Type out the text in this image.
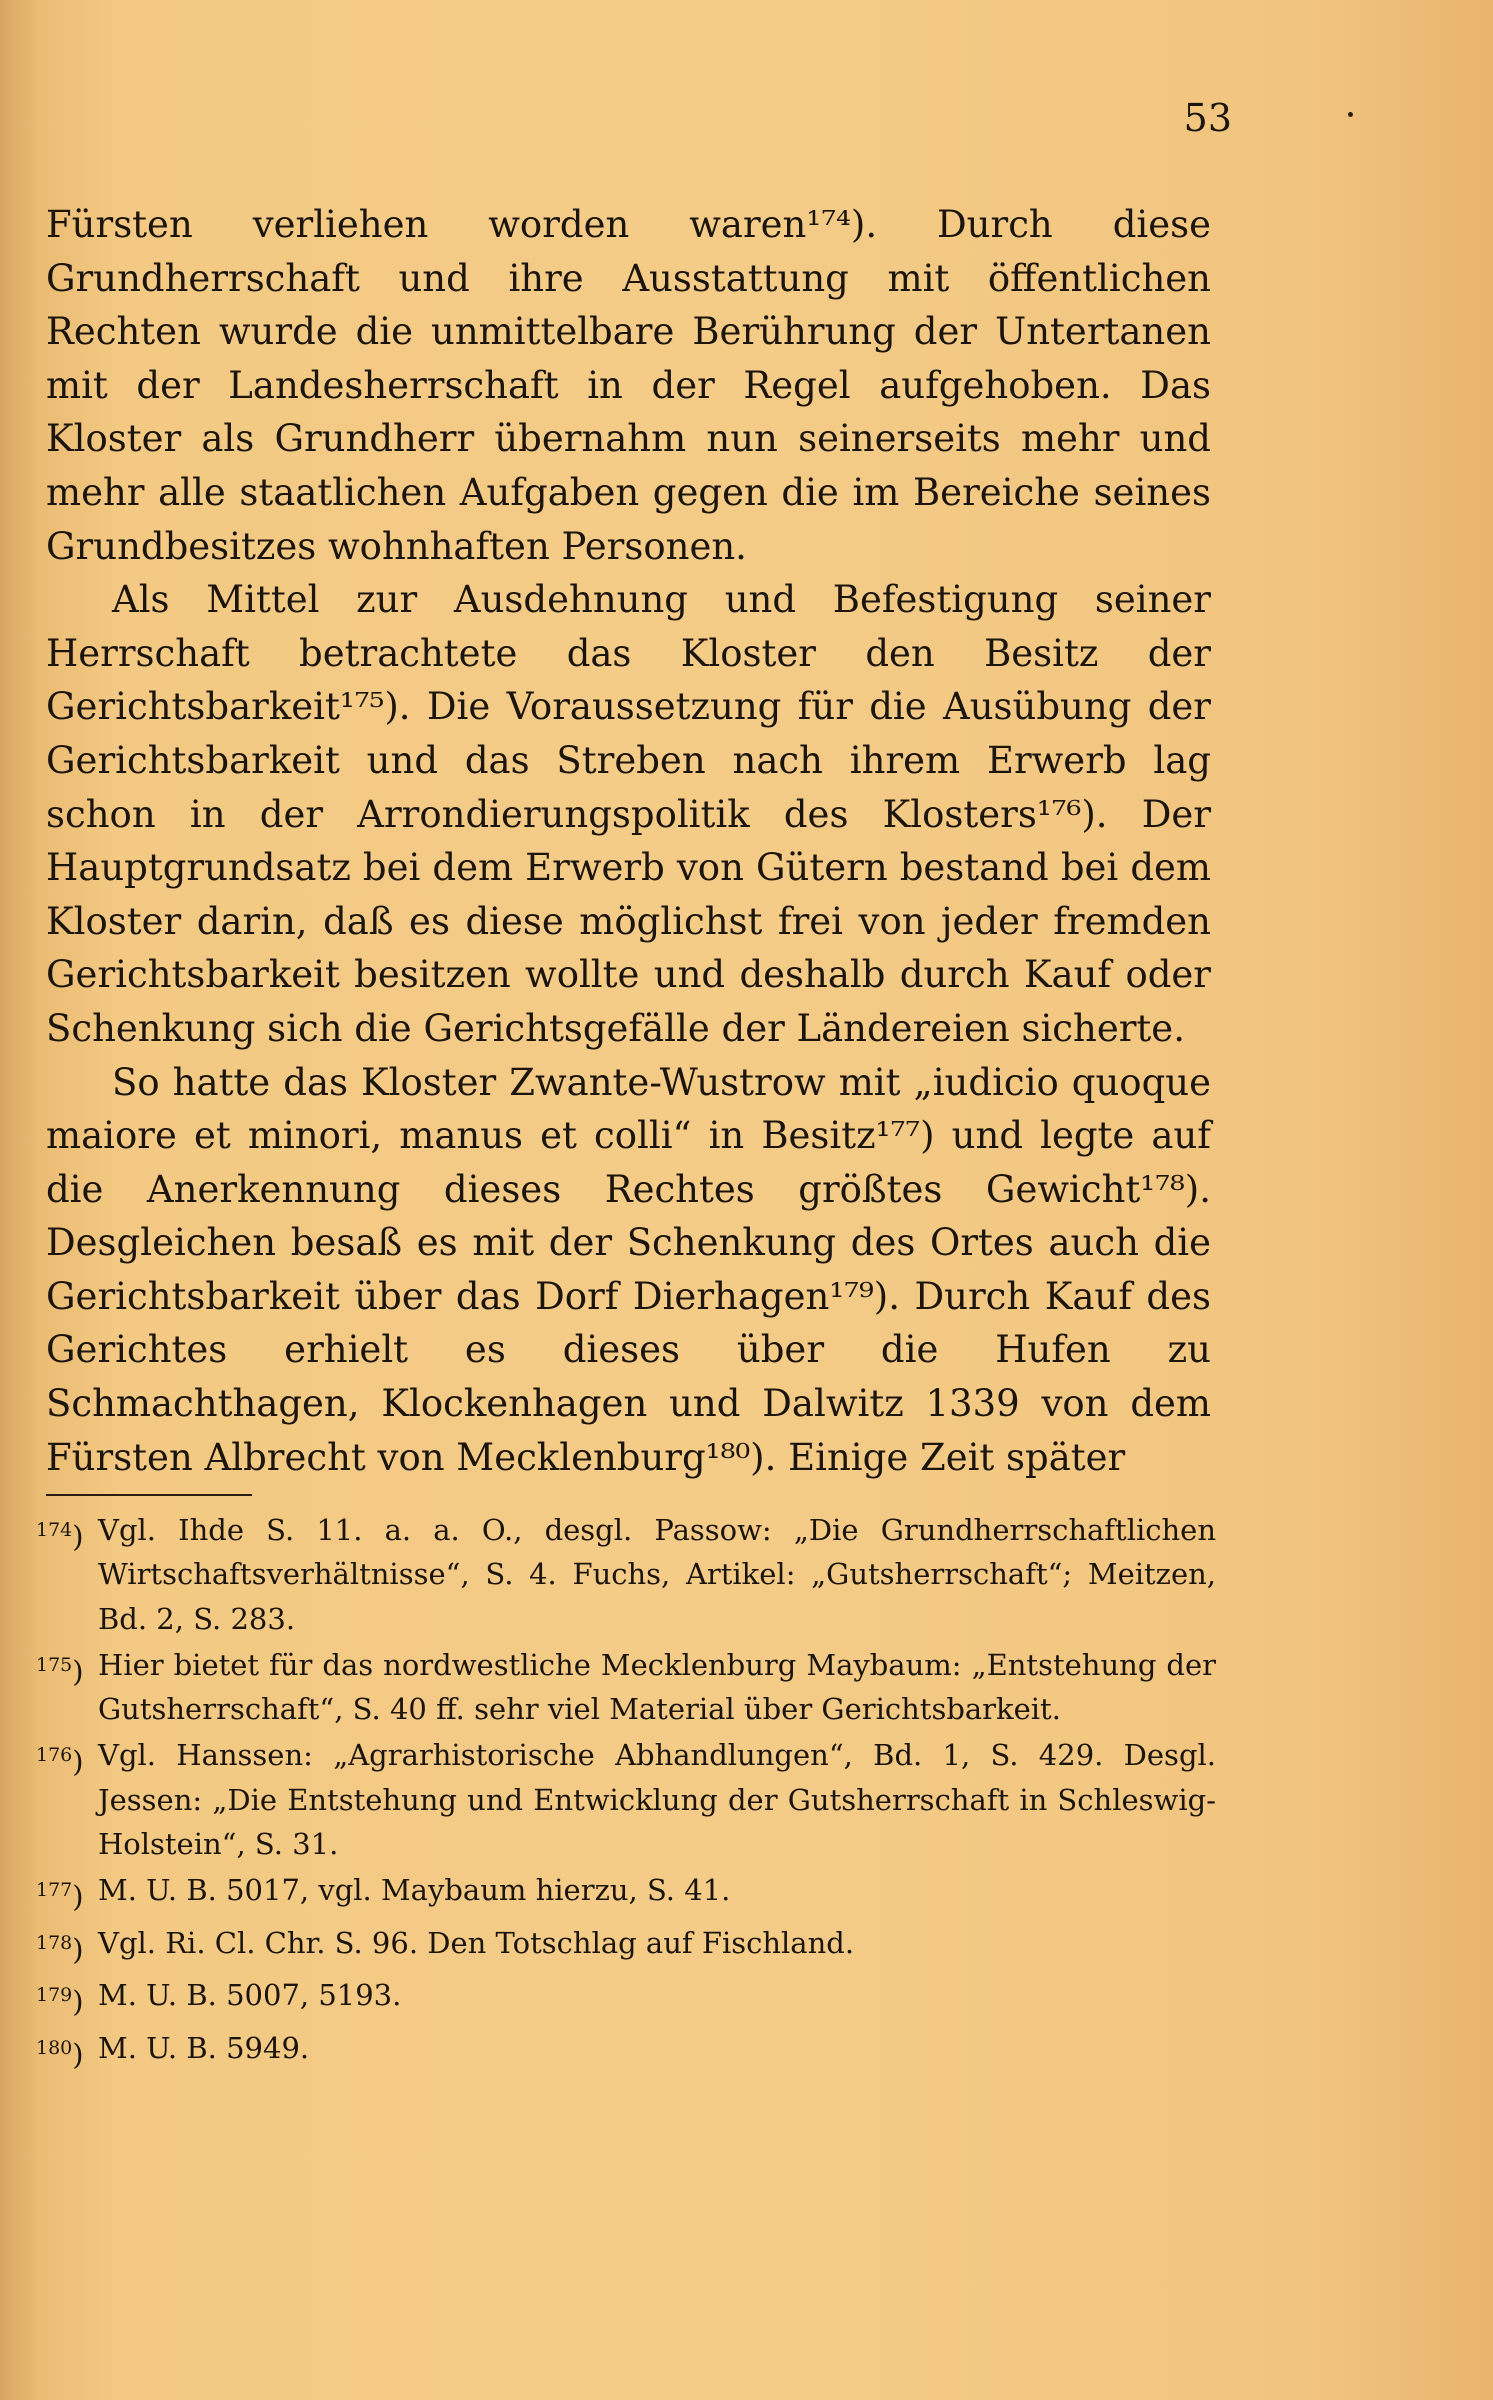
53

Fürsten verliehen worden waren¹⁷⁴). Durch diese Grundherrschaft und ihre Ausstattung mit öffentlichen Rechten wurde die unmittelbare Berührung der Untertanen mit der Landesherrschaft in der Regel aufgehoben. Das Kloster als Grundherr übernahm nun seinerseits mehr und mehr alle staatlichen Aufgaben gegen die im Bereiche seines Grundbesitzes wohnhaften Personen.

Als Mittel zur Ausdehnung und Befestigung seiner Herrschaft betrachtete das Kloster den Besitz der Gerichtsbarkeit¹⁷⁵). Die Voraussetzung für die Ausübung der Gerichtsbarkeit und das Streben nach ihrem Erwerb lag schon in der Arrondierungspolitik des Klosters¹⁷⁶). Der Hauptgrundsatz bei dem Erwerb von Gütern bestand bei dem Kloster darin, daß es diese möglichst frei von jeder fremden Gerichtsbarkeit besitzen wollte und deshalb durch Kauf oder Schenkung sich die Gerichtsgefälle der Ländereien sicherte.

So hatte das Kloster Zwante-Wustrow mit „iudicio quoque maiore et minori, manus et colli“ in Besitz¹⁷⁷) und legte auf die Anerkennung dieses Rechtes größtes Gewicht¹⁷⁸). Desgleichen besaß es mit der Schenkung des Ortes auch die Gerichtsbarkeit über das Dorf Dierhagen¹⁷⁹). Durch Kauf des Gerichtes erhielt es dieses über die Hufen zu Schmachthagen, Klockenhagen und Dalwitz 1339 von dem Fürsten Albrecht von Mecklenburg¹⁸⁰). Einige Zeit später

$^{174}$) Vgl. Ihde S. 11. a. a. O., desgl. Passow: „Die Grundherrschaftlichen Wirtschaftsverhältnisse“, S. 4. Fuchs, Artikel: „Gutsherrschaft“; Meitzen, Bd. 2, S. 283.
$^{175}$) Hier bietet für das nordwestliche Mecklenburg Maybaum: „Entstehung der Gutsherrschaft“, S. 40 ff. sehr viel Material über Gerichtsbarkeit.
$^{176}$) Vgl. Hanssen: „Agrarhistorische Abhandlungen“, Bd. 1, S. 429. Desgl. Jessen: „Die Entstehung und Entwicklung der Gutsherrschaft in Schleswig-Holstein“, S. 31.
$^{177}$) M. U. B. 5017, vgl. Maybaum hierzu, S. 41.
$^{178}$) Vgl. Ri. Cl. Chr. S. 96. Den Totschlag auf Fischland.
$^{179}$) M. U. B. 5007, 5193.
$^{180}$) M. U. B. 5949.
